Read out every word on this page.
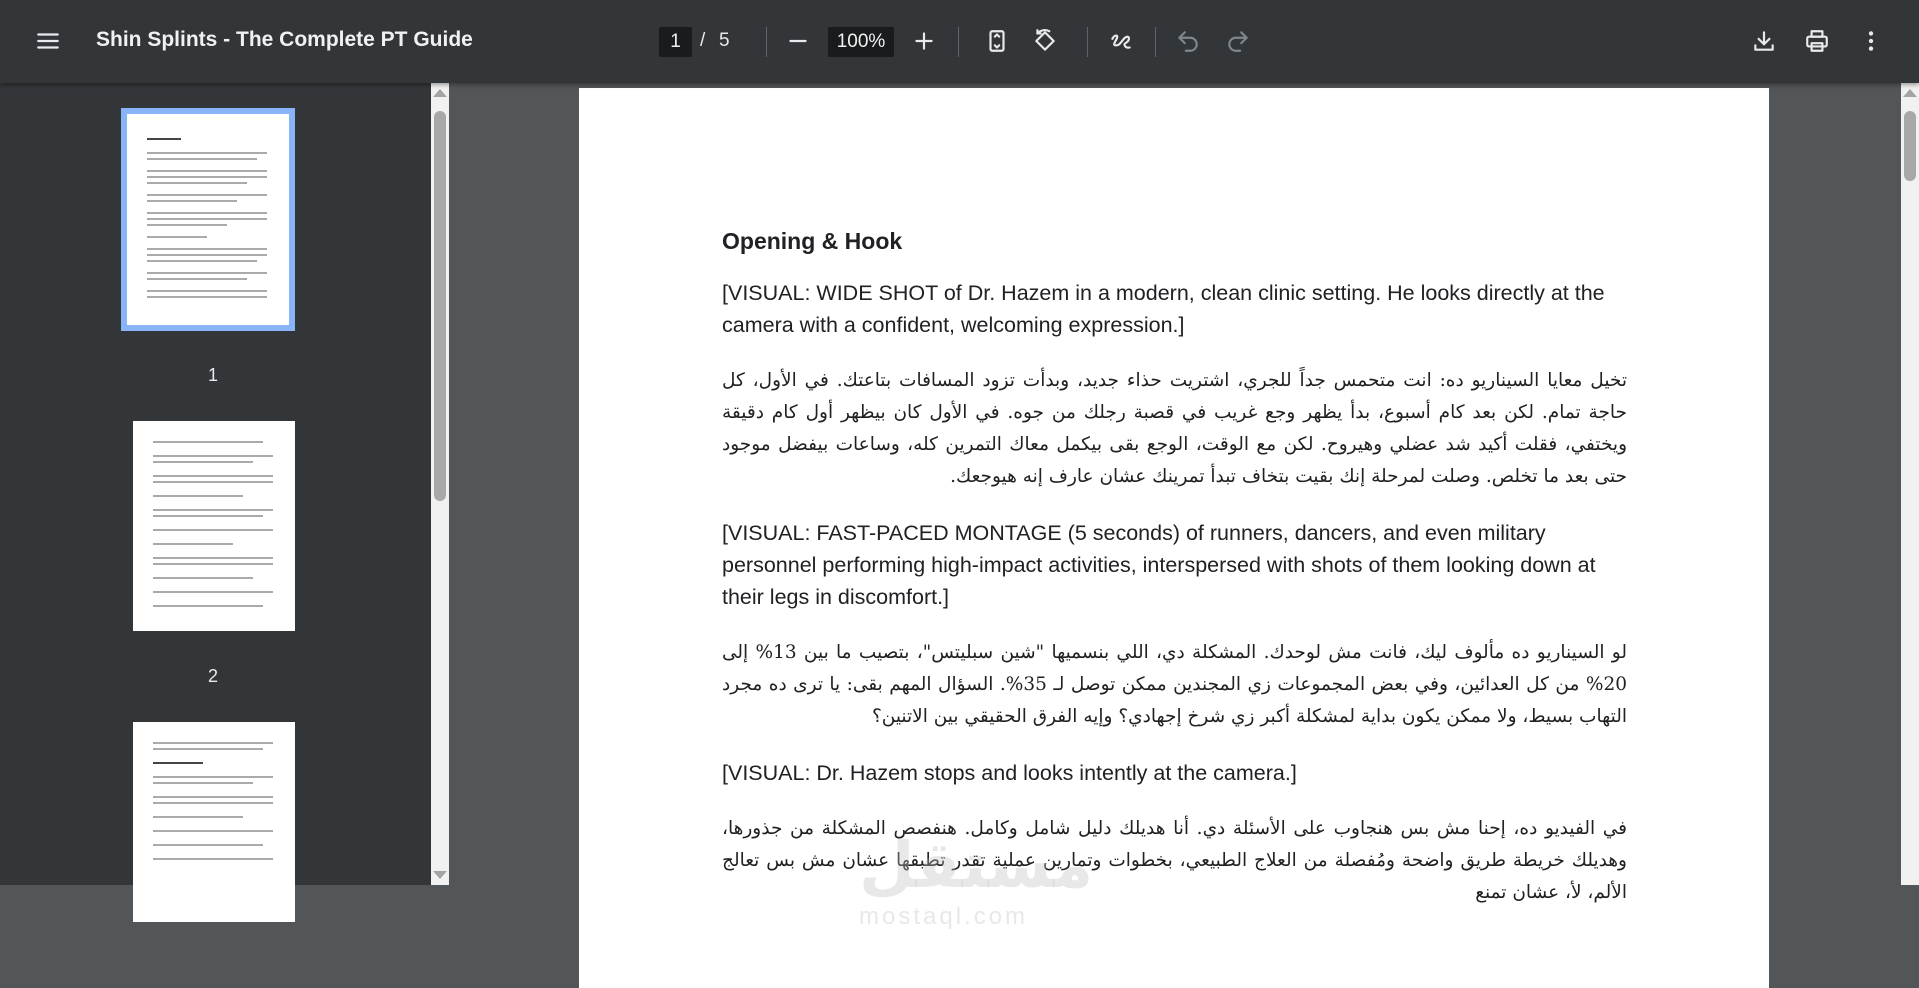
Shin Splints - The Complete PT Guide	1	/ 5	100%
1
2
Opening & Hook
[VISUAL: WIDE SHOT of Dr. Hazem in a modern, clean clinic setting. He looks directly at the camera with a confident, welcoming expression.]
تخيل معايا السيناريو ده: انت متحمس جداً للجري، اشتريت حذاء جديد، وبدأت تزود المسافات بتاعتك. في الأول، كل حاجة تمام. لكن بعد كام أسبوع، بدأ يظهر وجع غريب في قصبة رجلك من جوه. في الأول كان بيظهر أول كام دقيقة ويختفي، فقلت أكيد شد عضلي وهيروح. لكن مع الوقت، الوجع بقى بيكمل معاك التمرين كله، وساعات بيفضل موجود حتى بعد ما تخلص. وصلت لمرحلة إنك بقيت بتخاف تبدأ تمرينك عشان عارف إنه هيوجعك.
[VISUAL: FAST-PACED MONTAGE (5 seconds) of runners, dancers, and even military personnel performing high-impact activities, interspersed with shots of them looking down at their legs in discomfort.]
لو السيناريو ده مألوف ليك، فانت مش لوحدك. المشكلة دي، اللي بنسميها "شين سبليتس"، بتصيب ما بين 13% إلى 20% من كل العدائين، وفي بعض المجموعات زي المجندين ممكن توصل لـ 35%. السؤال المهم بقى: يا ترى ده مجرد التهاب بسيط، ولا ممكن يكون بداية لمشكلة أكبر زي شرخ إجهادي؟ وإيه الفرق الحقيقي بين الاتنين؟
[VISUAL: Dr. Hazem stops and looks intently at the camera.]
في الفيديو ده، إحنا مش بس هنجاوب على الأسئلة دي. أنا هديلك دليل شامل وكامل. هنفصص المشكلة من جذورها، وهديلك خريطة طريق واضحة ومُفصلة من العلاج الطبيعي، بخطوات وتمارين عملية تقدر تطبقها عشان مش بس تعالج الألم، لأ، عشان تمنع
مستقل
mostaql.com
